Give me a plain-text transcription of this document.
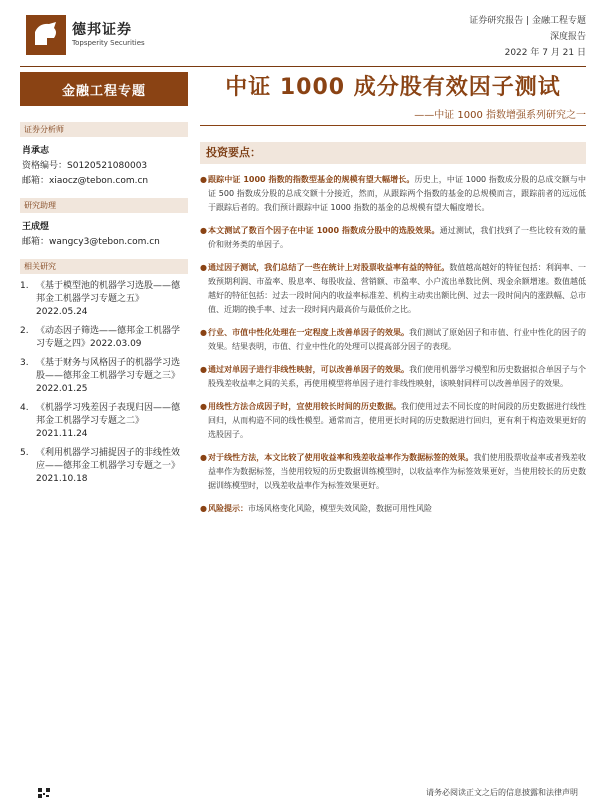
德邦证券
Topsperity Securities
证券研究报告 | 金融工程专题
深度报告
2022 年 7 月 21 日
金融工程专题
证券分析师
肖承志
资格编号：S0120521080003
邮箱：xiaocz@tebon.com.cn
研究助理
王成煜
邮箱：wangcy3@tebon.com.cn
相关研究
1. 《基于模型池的机器学习选股——德邦金工机器学习专题之五》 2022.05.24
2. 《动态因子筛选——德邦金工机器学习专题之四》2022.03.09
3. 《基于财务与风格因子的机器学习选股——德邦金工机器学习专题之三》 2022.01.25
4. 《机器学习残差因子表现归因——德邦金工机器学习专题之二》 2021.11.24
5. 《利用机器学习捕捉因子的非线性效应——德邦金工机器学习专题之一》 2021.10.18
中证 1000 成分股有效因子测试
——中证 1000 指数增强系列研究之一
投资要点：
● 跟踪中证 1000 指数的指数型基金的规模有望大幅增长。历史上，中证 1000 指数成分股的总成交额与中证 500 指数成分股的总成交额十分接近，然而，从跟踪两个指数的基金的总规模而言，跟踪前者的远远低于跟踪后者的。我们预计跟踪中证 1000 指数的基金的总规模有望大幅度增长。
● 本文测试了数百个因子在中证 1000 指数成分股中的选股效果。通过测试，我们找到了一些比较有效的量价和财务类的单因子。
● 通过因子测试，我们总结了一些在统计上对股票收益率有益的特征。数值越高越好的特征包括：利润率、一致预期利润、市盈率、股息率、每股收益、营销额、市盈率、小户流出单数比例、现金余额增速。数值越低越好的特征包括：过去一段时间内的收益率标准差、机构主动卖出额比例、过去一段时间内的涨跌幅、总市值、近期的换手率、过去一段时间内最高价与最低价之比。
● 行业、市值中性化处理在一定程度上改善单因子的效果。我们测试了原始因子和市值、行业中性化的因子的效果。结果表明，市值、行业中性化的处理可以提高部分因子的表现。
● 通过对单因子进行非线性映射，可以改善单因子的效果。我们使用机器学习模型和历史数据拟合单因子与个股残差收益率之间的关系，再使用模型将单因子进行非线性映射，该映射同样可以改善单因子的效果。
● 用线性方法合成因子时，宜使用较长时间的历史数据。我们使用过去不同长度的时间段的历史数据进行线性回归，从而构造不同的线性模型。通常而言，使用更长时间的历史数据进行回归，更有利于构造效果更好的选股因子。
● 对于线性方法，本文比较了使用收益率和残差收益率作为数据标签的效果。我们使用股票收益率或者残差收益率作为数据标签，当使用较短的历史数据训练模型时，以收益率作为标签效果更好，当使用较长的历史数据训练模型时，以残差收益率作为标签效果更好。
● 风险提示：市场风格变化风险，模型失效风险，数据可用性风险
请务必阅读正文之后的信息披露和法律声明
